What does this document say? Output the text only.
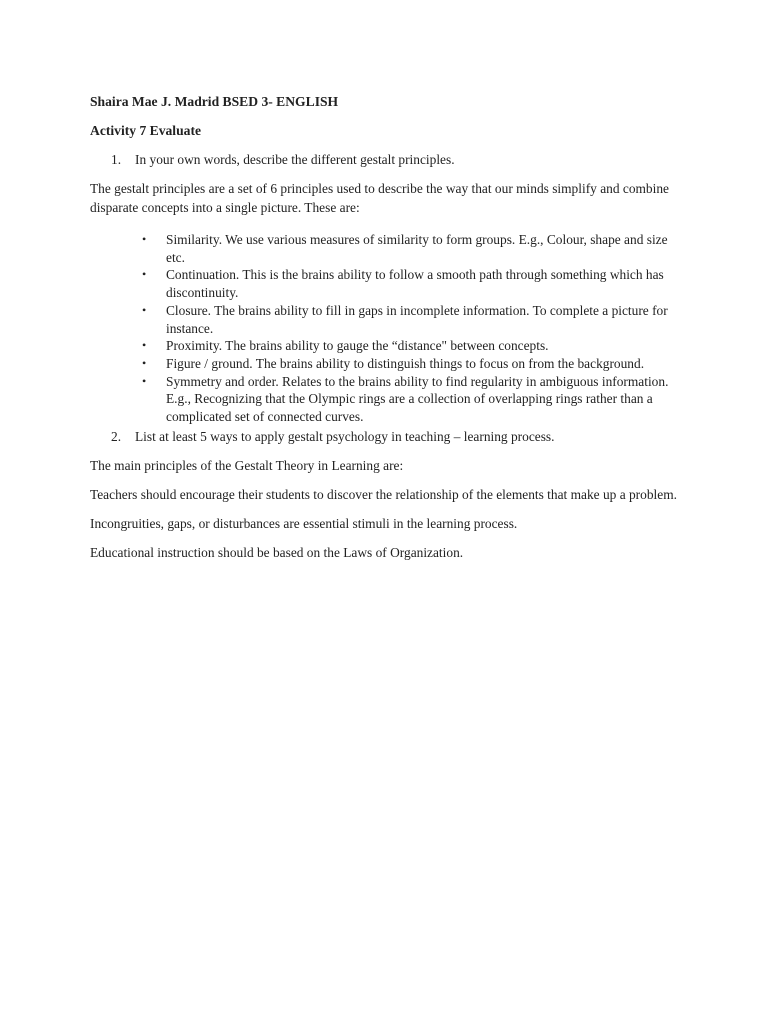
Shaira Mae J. Madrid BSED 3- ENGLISH

Activity 7 Evaluate

1. In your own words, describe the different gestalt principles.

The gestalt principles are a set of 6 principles used to describe the way that our minds simplify and combine disparate concepts into a single picture. These are:

• Similarity. We use various measures of similarity to form groups. E.g., Colour, shape and size etc.
• Continuation. This is the brains ability to follow a smooth path through something which has discontinuity.
• Closure. The brains ability to fill in gaps in incomplete information. To complete a picture for instance.
• Proximity. The brains ability to gauge the “distance" between concepts.
• Figure / ground. The brains ability to distinguish things to focus on from the background.
• Symmetry and order. Relates to the brains ability to find regularity in ambiguous information. E.g., Recognizing that the Olympic rings are a collection of overlapping rings rather than a complicated set of connected curves.
2. List at least 5 ways to apply gestalt psychology in teaching – learning process.

The main principles of the Gestalt Theory in Learning are:

Teachers should encourage their students to discover the relationship of the elements that make up a problem.

Incongruities, gaps, or disturbances are essential stimuli in the learning process.

Educational instruction should be based on the Laws of Organization.
